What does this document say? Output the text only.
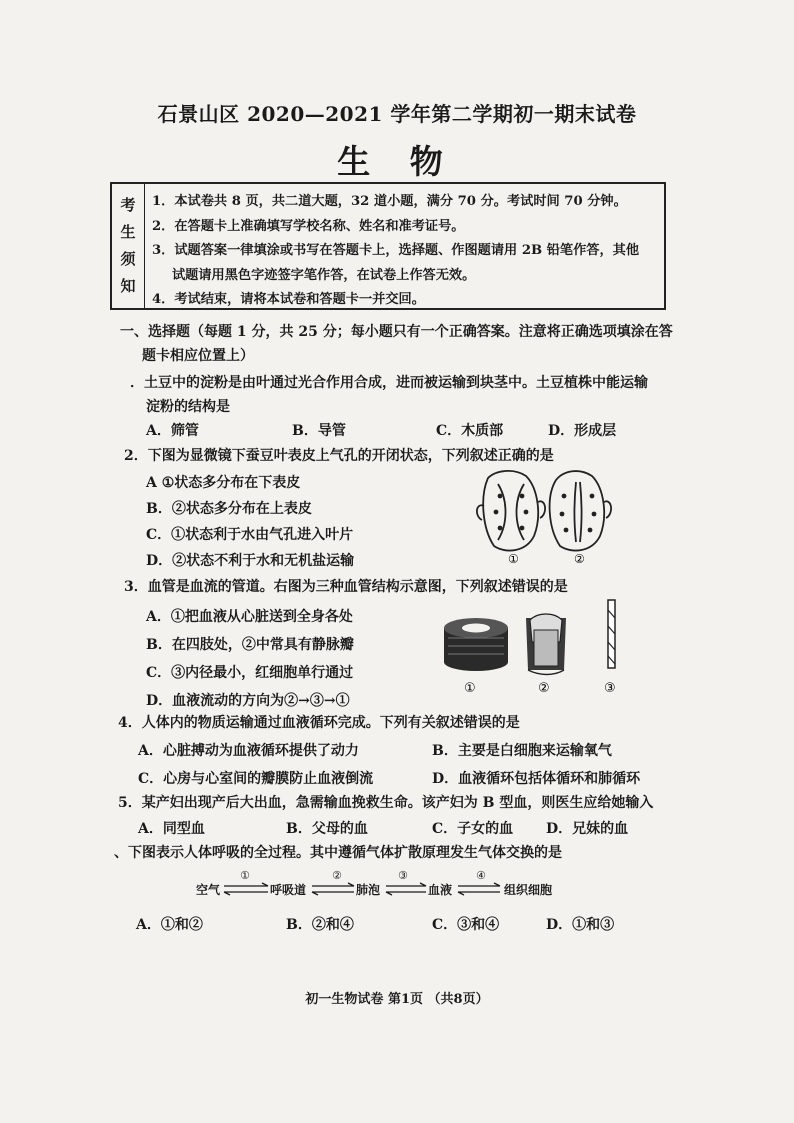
石景山区 2020—2021 学年第二学期初一期末试卷
生 物
考
生
须
知
1．本试卷共 8 页，共二道大题，32 道小题，满分 70 分。考试时间 70 分钟。
2．在答题卡上准确填写学校名称、姓名和准考证号。
3．试题答案一律填涂或书写在答题卡上，选择题、作图题请用 2B 铅笔作答，其他
试题请用黑色字迹签字笔作答，在试卷上作答无效。
4．考试结束，请将本试卷和答题卡一并交回。
一、选择题（每题 1 分，共 25 分；每小题只有一个正确答案。注意将正确选项填涂在答
题卡相应位置上）
．土豆中的淀粉是由叶通过光合作用合成，进而被运输到块茎中。土豆植株中能运输
淀粉的结构是
A．筛管	B．导管	C．木质部	D．形成层
2．下图为显微镜下蚕豆叶表皮上气孔的开闭状态，下列叙述正确的是
A ①状态多分布在下表皮
B．②状态多分布在上表皮
C．①状态利于水由气孔进入叶片
D．②状态不利于水和无机盐运输	①	②
3．血管是血流的管道。右图为三种血管结构示意图，下列叙述错误的是
A．①把血液从心脏送到全身各处
B．在四肢处，②中常具有静脉瓣
C．③内径最小，红细胞单行通过
D．血液流动的方向为②→③→①
①	②	③
4．人体内的物质运输通过血液循环完成。下列有关叙述错误的是
A．心脏搏动为血液循环提供了动力	B．主要是白细胞来运输氧气
C．心房与心室间的瓣膜防止血液倒流	D．血液循环包括体循环和肺循环
5．某产妇出现产后大出血，急需输血挽救生命。该产妇为 B 型血，则医生应给她输入
A．同型血	B．父母的血	C．子女的血 D．兄妹的血
、下图表示人体呼吸的全过程。其中遵循气体扩散原理发生气体交换的是
空气	呼吸道	肺泡	血液	组织细胞
①	②	③	④
A．①和②	B．②和④	C．③和④	D．①和③
初一生物试卷 第1页 （共8页）
